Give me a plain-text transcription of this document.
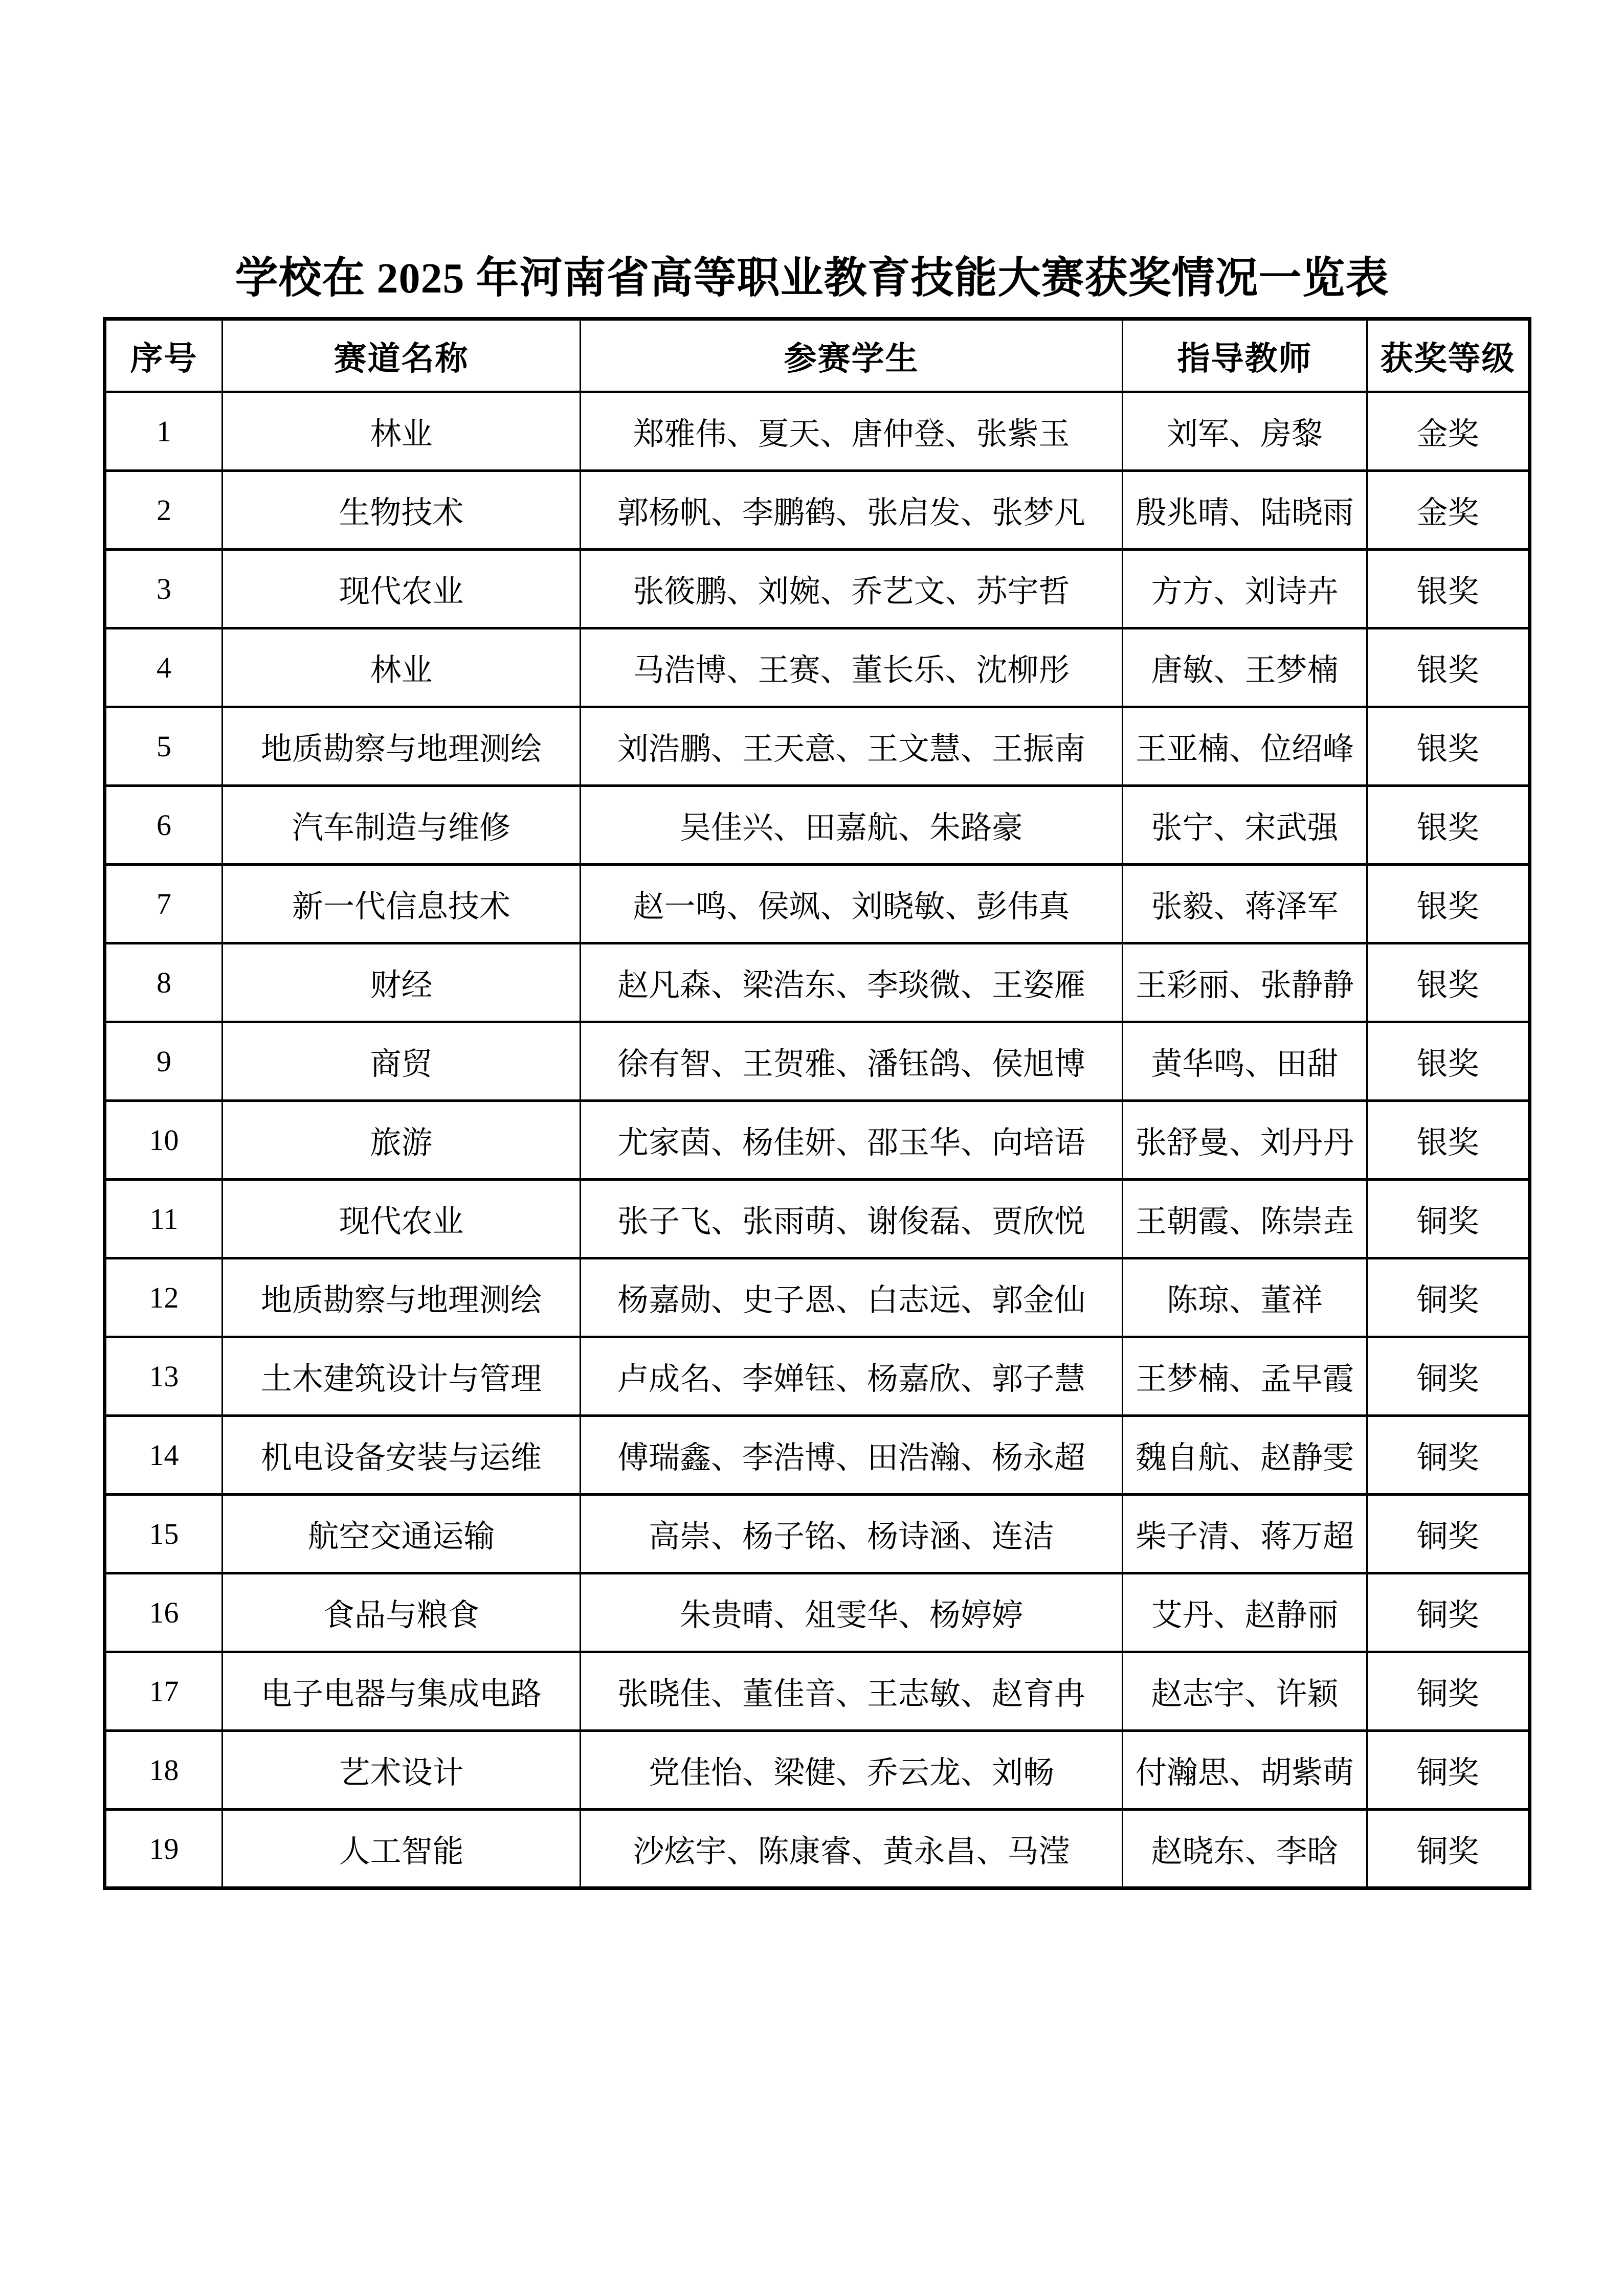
学校在 2025 年河南省高等职业教育技能大赛获奖情况一览表
序号	赛道名称	参赛学生	指导教师	获奖等级
1	林业	郑雅伟、夏天、唐仲登、张紫玉	刘军、房黎	金奖
2	生物技术	郭杨帆、李鹏鹤、张启发、张梦凡	殷兆晴、陆晓雨	金奖
3	现代农业	张筱鹏、刘婉、乔艺文、苏宇哲	方方、刘诗卉	银奖
4	林业	马浩博、王赛、董长乐、沈柳彤	唐敏、王梦楠	银奖
5	地质勘察与地理测绘	刘浩鹏、王天意、王文慧、王振南	王亚楠、位绍峰	银奖
6	汽车制造与维修	吴佳兴、田嘉航、朱路豪	张宁、宋武强	银奖
7	新一代信息技术	赵一鸣、侯飒、刘晓敏、彭伟真	张毅、蒋泽军	银奖
8	财经	赵凡森、梁浩东、李琰微、王姿雁	王彩丽、张静静	银奖
9	商贸	徐有智、王贺雅、潘钰鸽、侯旭博	黄华鸣、田甜	银奖
10	旅游	尤家茵、杨佳妍、邵玉华、向培语	张舒曼、刘丹丹	银奖
11	现代农业	张子飞、张雨萌、谢俊磊、贾欣悦	王朝霞、陈崇垚	铜奖
12	地质勘察与地理测绘	杨嘉勋、史子恩、白志远、郭金仙	陈琼、董祥	铜奖
13	土木建筑设计与管理	卢成名、李婵钰、杨嘉欣、郭子慧	王梦楠、孟早霞	铜奖
14	机电设备安装与运维	傅瑞鑫、李浩博、田浩瀚、杨永超	魏自航、赵静雯	铜奖
15	航空交通运输	高崇、杨子铭、杨诗涵、连洁	柴子清、蒋万超	铜奖
16	食品与粮食	朱贵晴、俎雯华、杨婷婷	艾丹、赵静丽	铜奖
17	电子电器与集成电路	张晓佳、董佳音、王志敏、赵育冉	赵志宇、许颖	铜奖
18	艺术设计	党佳怡、梁健、乔云龙、刘畅	付瀚思、胡紫萌	铜奖
19	人工智能	沙炫宇、陈康睿、黄永昌、马滢	赵晓东、李晗	铜奖
